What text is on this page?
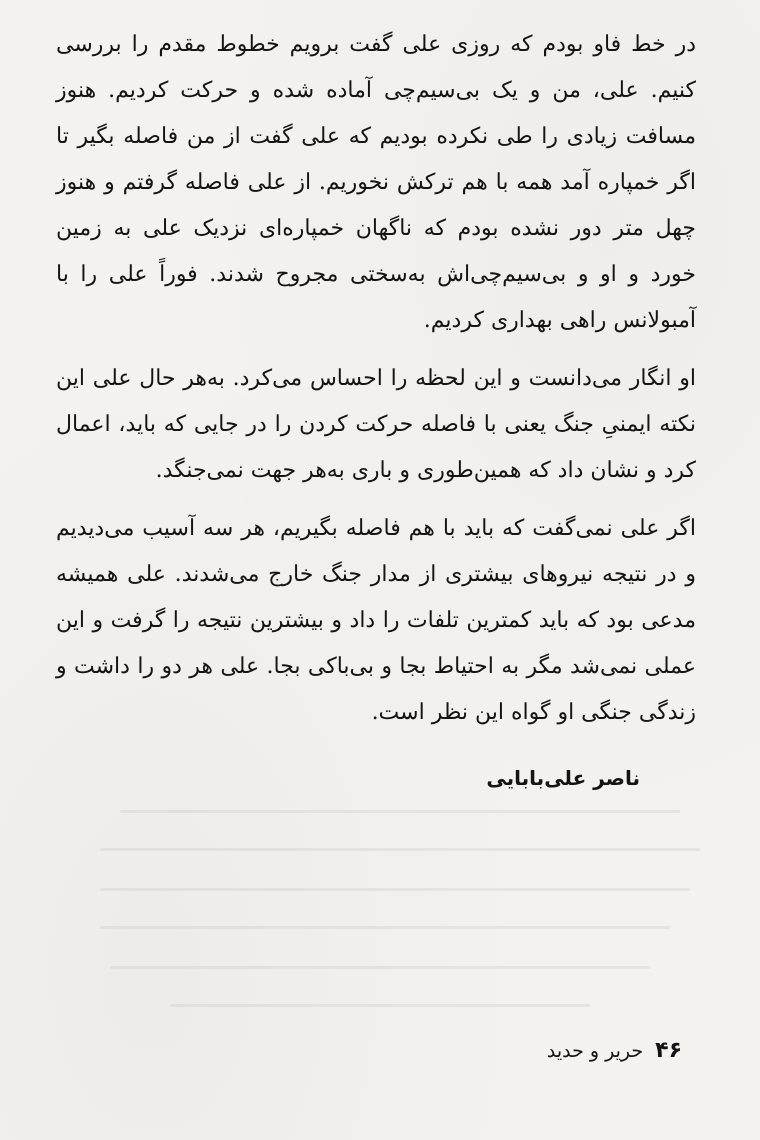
در خط فاو بودم که روزی علی گفت برویم خطوط مقدم را بررسی کنیم. علی، من و یک بی‌سیم‌چی آماده شده و حرکت کردیم. هنوز مسافت زیادی را طی نکرده بودیم که علی گفت از من فاصله بگیر تا اگر خمپاره آمد همه با هم ترکش نخوریم. از علی فاصله گرفتم و هنوز چهل متر دور نشده بودم که ناگهان خمپاره‌ای نزدیک علی به زمین خورد و او و بی‌سیم‌چی‌اش به‌سختی مجروح شدند. فوراً علی را با آمبولانس راهی بهداری کردیم.

او انگار می‌دانست و این لحظه را احساس می‌کرد. به‌هر حال علی این نکته ایمنیِ جنگ یعنی با فاصله حرکت کردن را در جایی که باید، اعمال کرد و نشان داد که همین‌طوری و باری به‌هر جهت نمی‌جنگد.

اگر علی نمی‌گفت که باید با هم فاصله بگیریم، هر سه آسیب می‌دیدیم و در نتیجه نیروهای بیشتری از مدار جنگ خارج می‌شدند. علی همیشه مدعی بود که باید کمترین تلفات را داد و بیشترین نتیجه را گرفت و این عملی نمی‌شد مگر به احتیاط بجا و بی‌باکی بجا. علی هر دو را داشت و زندگی جنگی او گواه این نظر است.

ناصر علی‌بابایی
۴۶
حریر و حدید
